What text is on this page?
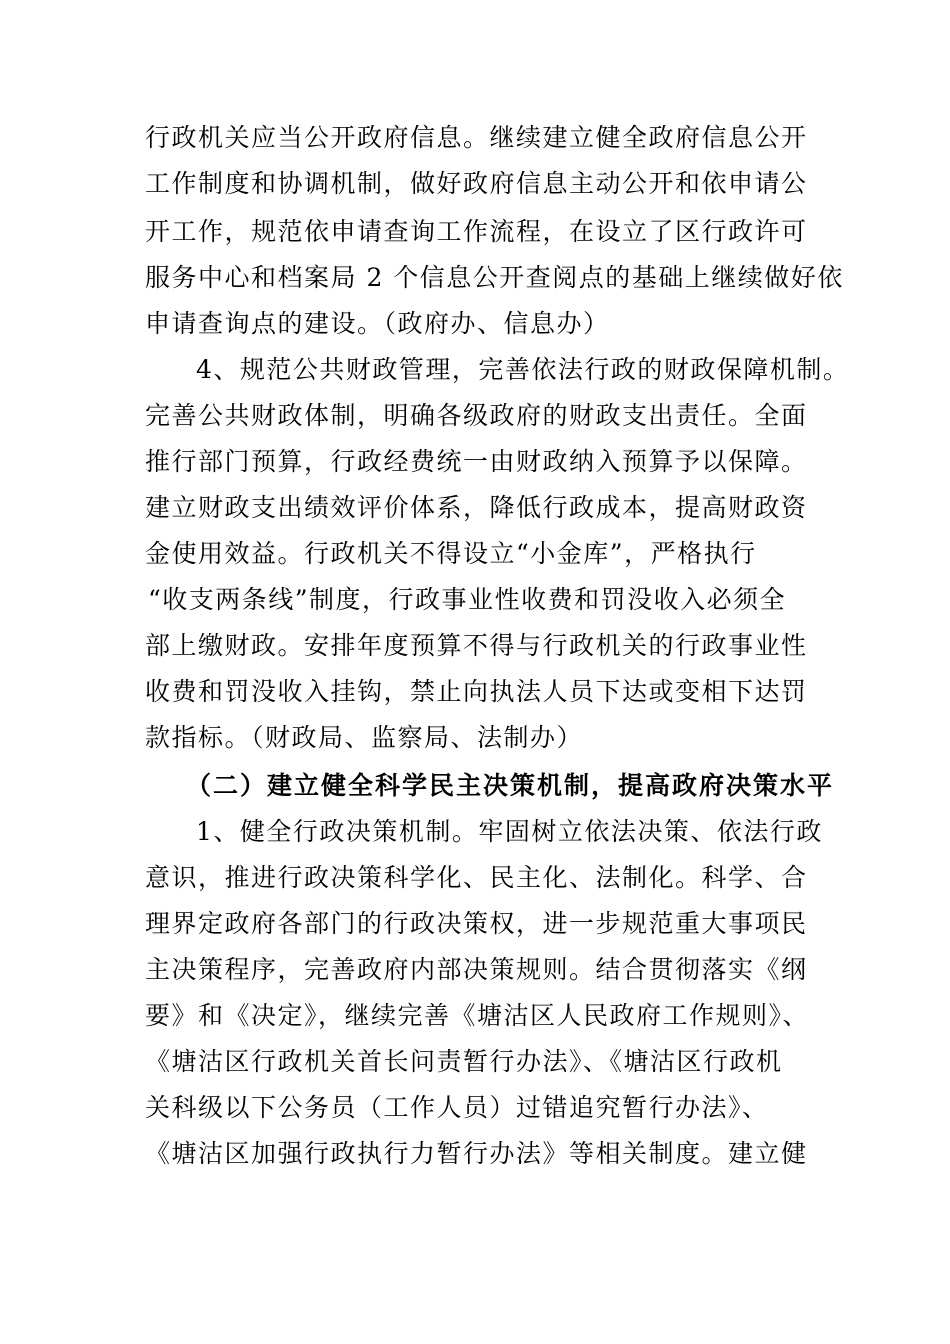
行政机关应当公开政府信息。继续建立健全政府信息公开
工作制度和协调机制，做好政府信息主动公开和依申请公
开工作，规范依申请查询工作流程，在设立了区行政许可
服务中心和档案局 2 个信息公开查阅点的基础上继续做好依
申请查询点的建设。（政府办、信息办）
4、规范公共财政管理，完善依法行政的财政保障机制。
完善公共财政体制，明确各级政府的财政支出责任。全面
推行部门预算，行政经费统一由财政纳入预算予以保障。
建立财政支出绩效评价体系，降低行政成本，提高财政资
金使用效益。行政机关不得设立“小金库”，严格执行
“收支两条线”制度，行政事业性收费和罚没收入必须全
部上缴财政。安排年度预算不得与行政机关的行政事业性
收费和罚没收入挂钩，禁止向执法人员下达或变相下达罚
款指标。（财政局、监察局、法制办）
（二）建立健全科学民主决策机制，提高政府决策水平
1、健全行政决策机制。牢固树立依法决策、依法行政
意识，推进行政决策科学化、民主化、法制化。科学、合
理界定政府各部门的行政决策权，进一步规范重大事项民
主决策程序，完善政府内部决策规则。结合贯彻落实《纲
要》和《决定》，继续完善《塘沽区人民政府工作规则》、
《塘沽区行政机关首长问责暂行办法》、《塘沽区行政机
关科级以下公务员（工作人员）过错追究暂行办法》、
《塘沽区加强行政执行力暂行办法》等相关制度。建立健
